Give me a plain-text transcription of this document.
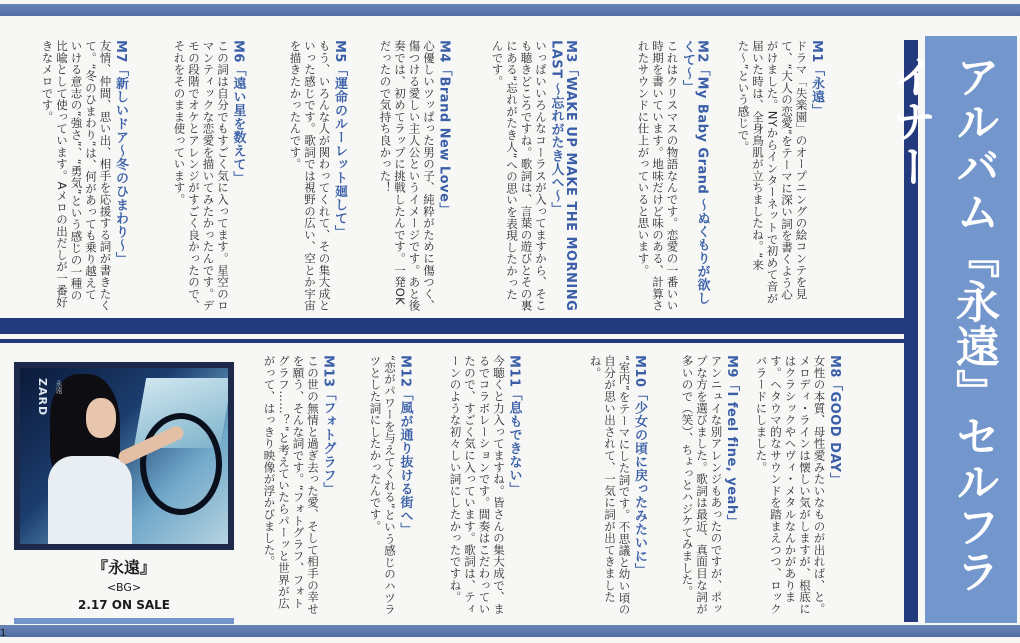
アルバム『永遠』セルフライナー
M1「永遠」

ドラマ「失楽園」のオープニングの絵コンテを見て、“大人の恋愛”をテーマに深い詞を書くよう心がけました。NYからインターネットで初めて音が届いた時は、全身鳥肌が立ちましたね。“来た〜”という感じで。

M2「My Baby Grand 〜ぬくもりが欲しくて〜」

これはクリスマスの物語なんです。恋愛の一番いい時期を書いています。地味だけど味のある、計算されたサウンドに仕上がっていると思います。

M3「WAKE UP MAKE THE MORNING LAST 〜忘れがたき人へ〜」

いっぱいいろんなコーラスが入ってますから、そこも聴きどころですね。歌詞は、言葉の遊びとその裏にある“忘れがたき人”への思いを表現したかったんです。

M4「Brand New Love」

心優しいツッぱった男の子、純粋がために傷つく、傷つける愛しい主人公というイメージです。あと後奏では、初めてラップに挑戦したんです。一発OKだったので気持ち良かった！

M5「運命のルーレット廻して」

もう、いろんな人が関わってくれて、その集大成といった感じです。歌詞では視野の広い、空とか宇宙を描きたかったんです。

M6「遠い星を数えて」

この詞は自分でもすごく気に入ってます。星空のロマンティックな恋愛を描いてみたかったんです。デモの段階でオケとアレンジがすごく良かったので、それをそのまま使っています。

M7「新しいドア〜冬のひまわり〜」

友情、仲間、思い出、相手を応援する詞が書きたくて。“冬のひまわり”は、何があっても乗り越えていける意志の“強さ”、“勇気”という感じの一種の比喩として使っています。Aメロの出だしが一番好きなメロです。

M8「GOOD DAY」

女性の本質、母性愛みたいなものが出れば、と。メロディ・ラインは懐しい気がしますが、根底にはクラシックやヘヴィ・メタルなんかがあります。ヘタウマ的なサウンドを踏まえつつ、ロックバラードにしました。

M9「I feel fine, yeah」

アンニュイな別アレンジもあったのですが、ポップな方を選びました。歌詞は最近、真面目な詞が多いので（笑）、ちょっとハジケてみました。

M10「少女の頃に戻ったみたいに」

“室内”をテーマにした詞です。不思議と幼い頃の自分が思い出されて、一気に詞が出てきましたね。

M11「息もできない」

今聴くと力入ってますね。皆さんの集大成で、まるでコラボレーションです。間奏はこだわっていたので、すごく気に入っています。歌詞は、ティーンのような初々しい詞にしたかったですね。

M12「風が通り抜ける街へ」

“恋がパワーを与えてくれる”という感じのハツラツとした詞にしたかったんです。

M13「フォトグラフ」

この世の無情と過ぎ去った愛、そして相手の幸せを願う、そんな詞です。“フォトグラフ、フォトグラフ……？”と考えていたらパーッと世界が広がって、はっきり映像が浮かびました。

ZARD 永遠
『永遠』
<BG>
2.17 ON SALE
1
